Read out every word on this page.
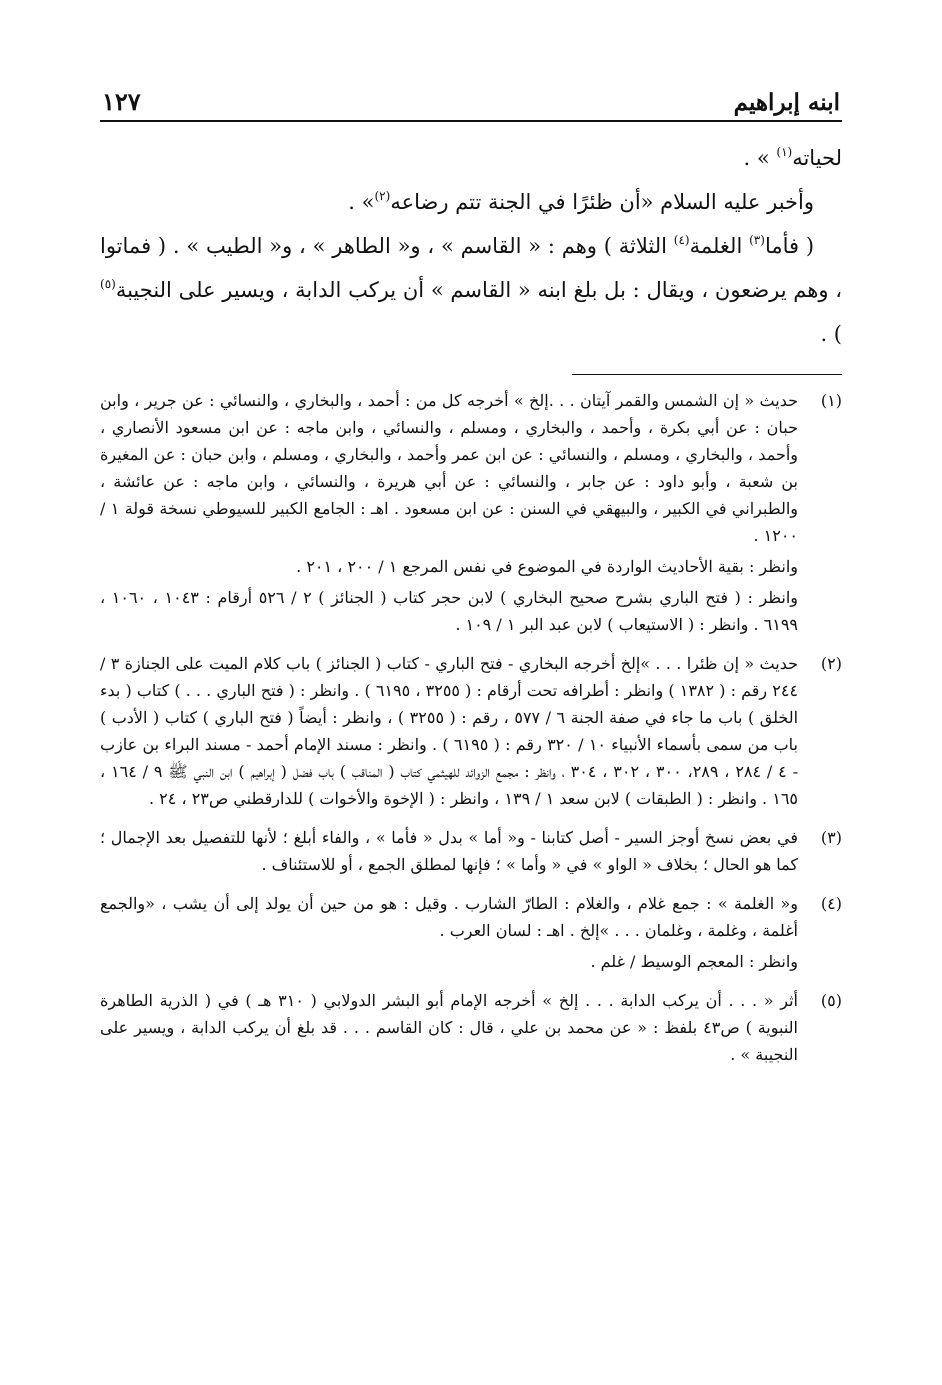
ابنه إبراهيم
١٢٧

لحياته$^{(١)}$ » .

وأخبر عليه السلام «أن ظئرًا في الجنة تتم رضاعه$^{(٢)}$» .

( فأما$^{(٣)}$ الغلمة$^{(٤)}$ الثلاثة ) وهم : « القاسم » ، و« الطاهر » ، و« الطيب » . ( فماتوا ، وهم يرضعون ، ويقال : بل بلغ ابنه « القاسم » أن يركب الدابة ، ويسير على النجيبة$^{(٥)}$ ) .

(١)

حديث « إن الشمس والقمر آيتان . . .إلخ » أخرجه كل من : أحمد ، والبخاري ، والنسائي : عن جرير ، وابن حبان : عن أبي بكرة ، وأحمد ، والبخاري ، ومسلم ، والنسائي ، وابن ماجه : عن ابن مسعود الأنصاري ، وأحمد ، والبخاري ، ومسلم ، والنسائي : عن ابن عمر وأحمد ، والبخاري ، ومسلم ، وابن حبان : عن المغيرة بن شعبة ، وأبو داود : عن جابر ، والنسائي : عن أبي هريرة ، والنسائي ، وابن ماجه : عن عائشة ، والطبراني في الكبير ، والبيهقي في السنن : عن ابن مسعود . اهـ : الجامع الكبير للسيوطي نسخة قولة ١ / ١٢٠٠ .

وانظر : بقية الأحاديث الواردة في الموضوع في نفس المرجع ١ / ٢٠٠ ، ٢٠١ .

وانظر : ( فتح الباري بشرح صحيح البخاري ) لابن حجر كتاب ( الجنائز ) ٢ / ٥٢٦ أرقام : ١٠٤٣ ، ١٠٦٠ ، ٦١٩٩ . وانظر : ( الاستيعاب ) لابن عبد البر ١ / ١٠٩ .

(٢)

حديث « إن ظئرا . . . »إلخ أخرجه البخاري - فتح الباري - كتاب ( الجنائز ) باب كلام الميت على الجنازة ٣ / ٢٤٤ رقم : ( ١٣٨٢ ) وانظر : أطرافه تحت أرقام : ( ٣٢٥٥ ، ٦١٩٥ ) . وانظر : ( فتح الباري . . . ) كتاب ( بدء الخلق ) باب ما جاء في صفة الجنة ٦ / ٥٧٧ ، رقم : ( ٣٢٥٥ ) ، وانظر : أيضاً ( فتح الباري ) كتاب ( الأدب ) باب من سمى بأسماء الأنبياء ١٠ / ٣٢٠ رقم : ( ٦١٩٥ ) . وانظر : مسند الإمام أحمد - مسند البراء بن عازب - ٤ / ٢٨٤ ، ٢٨٩، ٣٠٠ ، ٣٠٢ ، ٣٠٤ ، وانظر : مجمع الزوائد للهيثمي كتاب ( المناقب ) باب فضل ( إبراهيم ) ابن النبي ﷺ ٩ / ١٦٤ ، ١٦٥ . وانظر : ( الطبقات ) لابن سعد ١ / ١٣٩ ، وانظر : ( الإخوة والأخوات ) للدارقطني ص٢٣ ، ٢٤ .

(٣)

في بعض نسخ أوجز السير - أصل كتابنا - و« أما » بدل « فأما » ، والفاء أبلغ ؛ لأنها للتفصيل بعد الإجمال ؛ كما هو الحال ؛ بخلاف « الواو » في « وأما » ؛ فإنها لمطلق الجمع ، أو للاستئناف .

(٤)

و« الغلمة » : جمع غلام ، والغلام : الطارّ الشارب . وقيل : هو من حين أن يولد إلى أن يشب ، «والجمع أغلمة ، وغلمة ، وغلمان . . . »إلخ . اهـ : لسان العرب .

وانظر : المعجم الوسيط / غلم .

(٥)

أثر « . . . أن يركب الدابة . . . إلخ » أخرجه الإمام أبو البشر الدولابي ( ٣١٠ هـ ) في ( الذرية الطاهرة النبوية ) ص٤٣ بلفظ : « عن محمد بن علي ، قال : كان القاسم . . . قد بلغ أن يركب الدابة ، ويسير على النجيبة » .
